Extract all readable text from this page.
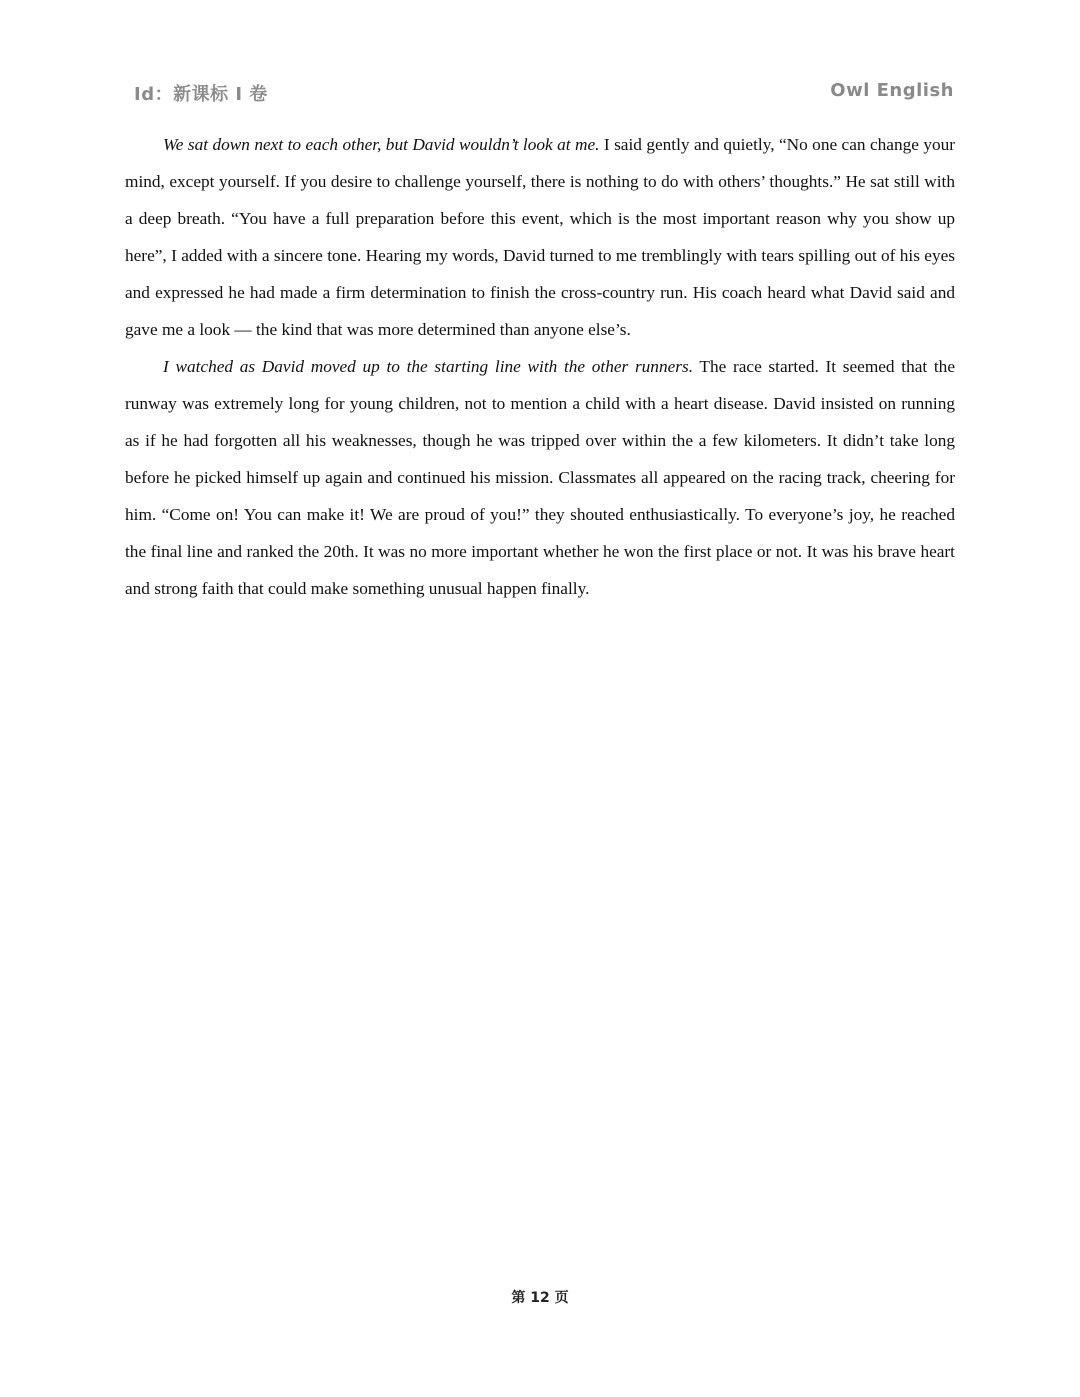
Id：新课标 I 卷	Owl English

We sat down next to each other, but David wouldn’t look at me. I said gently and quietly, “No one can change your mind, except yourself. If you desire to challenge yourself, there is nothing to do with others’ thoughts.” He sat still with a deep breath. “You have a full preparation before this event, which is the most important reason why you show up here”, I added with a sincere tone. Hearing my words, David turned to me tremblingly with tears spilling out of his eyes and expressed he had made a firm determination to finish the cross-country run. His coach heard what David said and gave me a look — the kind that was more determined than anyone else’s.

I watched as David moved up to the starting line with the other runners. The race started. It seemed that the runway was extremely long for young children, not to mention a child with a heart disease. David insisted on running as if he had forgotten all his weaknesses, though he was tripped over within the a few kilometers. It didn’t take long before he picked himself up again and continued his mission. Classmates all appeared on the racing track, cheering for him. “Come on! You can make it! We are proud of you!” they shouted enthusiastically. To everyone’s joy, he reached the final line and ranked the 20th. It was no more important whether he won the first place or not. It was his brave heart and strong faith that could make something unusual happen finally.

第 12 页
